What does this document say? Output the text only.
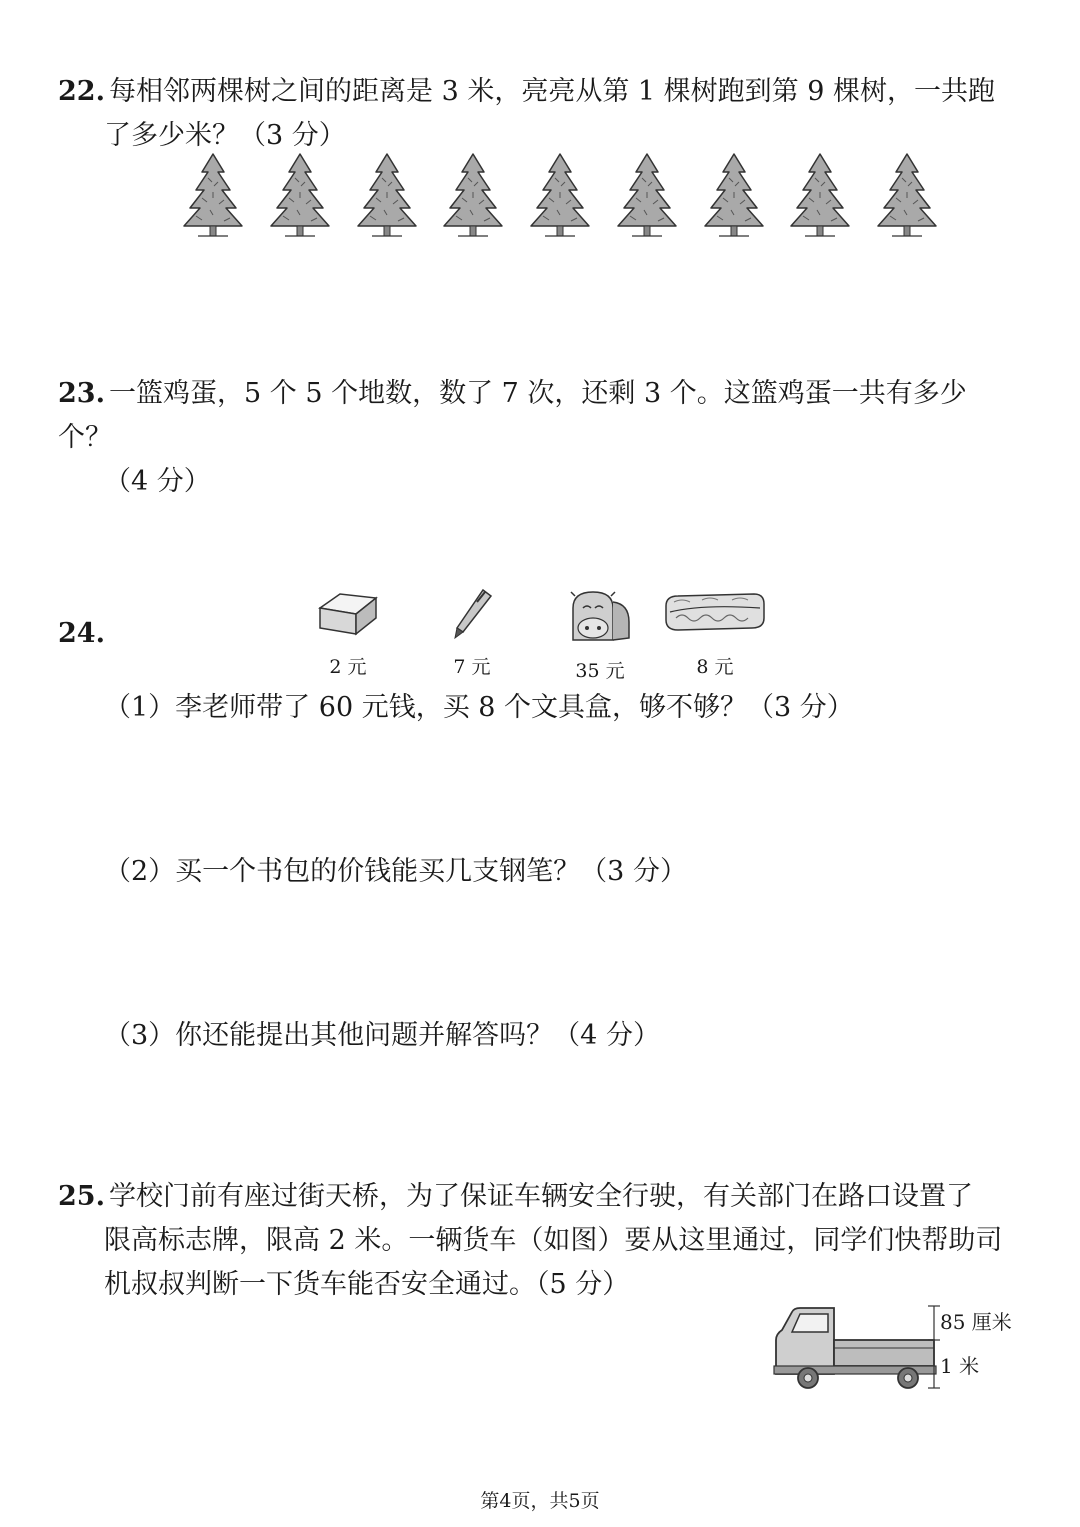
22. 每相邻两棵树之间的距离是 3 米，亮亮从第 1 棵树跑到第 9 棵树，一共跑
了多少米？（3 分）
23. 一篮鸡蛋，5 个 5 个地数，数了 7 次，还剩 3 个。这篮鸡蛋一共有多少个？
（4 分）
24.
2 元	7 元	35 元	8 元
（1）李老师带了 60 元钱，买 8 个文具盒，够不够？（3 分）
（2）买一个书包的价钱能买几支钢笔？（3 分）
（3）你还能提出其他问题并解答吗？（4 分）
25. 学校门前有座过街天桥，为了保证车辆安全行驶，有关部门在路口设置了
限高标志牌，限高 2 米。一辆货车（如图）要从这里通过，同学们快帮助司
机叔叔判断一下货车能否安全通过。（5 分）
85 厘米
1 米
第4页，共5页
